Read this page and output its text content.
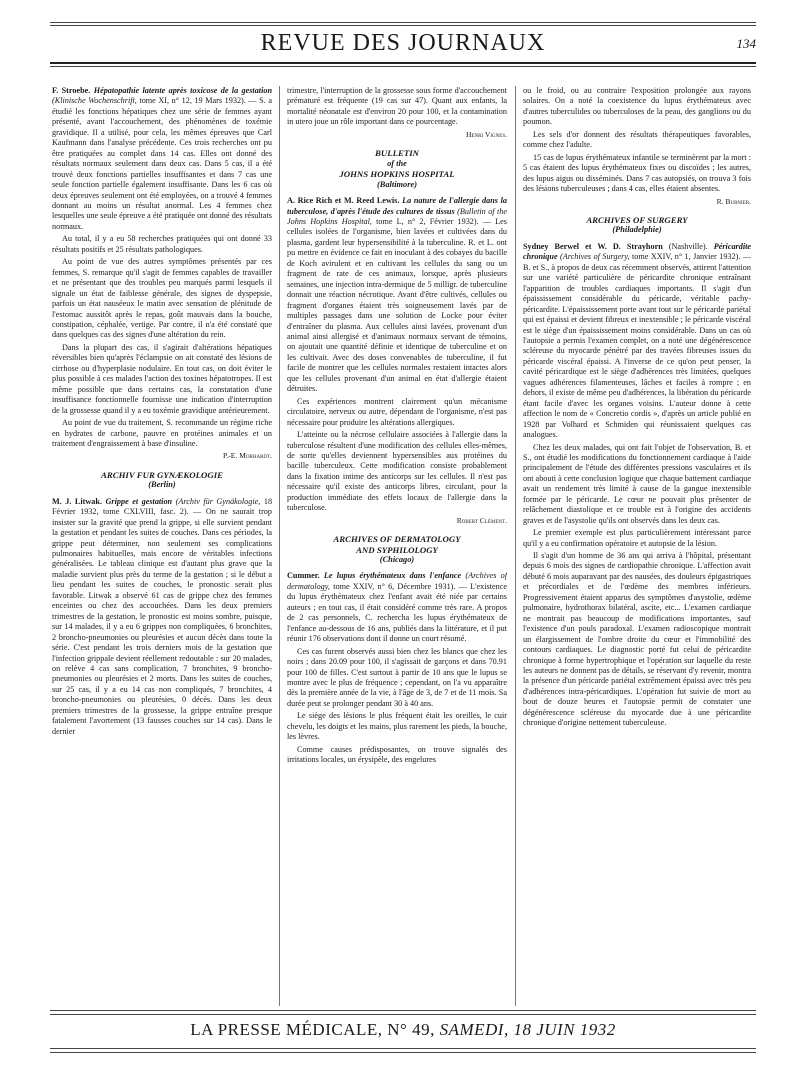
REVUE DES JOURNAUX	134

F. Stroebe. Hépatopathie latente après toxicose de la gestation (Klinische Wochenschrift, tome XI, n° 12, 19 Mars 1932). — S. a étudié les fonctions hépatiques chez une série de femmes ayant présenté, avant l'accouchement, des phénomènes de toxémie gravidique. Il a utilisé, pour cela, les mêmes épreuves que Carl Kaufmann dans l'analyse précédente. Ces trois recherches ont pu être pratiquées au complet dans 14 cas. Elles ont donné des résultats normaux seulement dans deux cas. Dans 5 cas, il a été trouvé deux fonctions partielles insuffisantes et dans 7 cas une seule fonction partielle également insuffisante. Dans les 6 cas où deux épreuves seulement ont été employées, on a trouvé 4 femmes donnant au moins un résultat anormal. Les 4 femmes chez lesquelles une seule épreuve a été pratiquée ont donné des résultats normaux.

Au total, il y a eu 58 recherches pratiquées qui ont donné 33 résultats positifs et 25 résultats pathologiques.

Au point de vue des autres symptômes présentés par ces femmes, S. remarque qu'il s'agit de femmes capables de travailler et ne présentant que des troubles peu marqués parmi lesquels il signale un état de faiblesse générale, des signes de dyspepsie, parfois un état nauséeux le matin avec sensation de plénitude de l'estomac aussitôt après le repas, goût mauvais dans la bouche, constipation, céphalée, vertige. Par contre, il n'a été constaté que dans quelques cas des signes d'une altération du rein.

Dans la plupart des cas, il s'agirait d'altérations hépatiques réversibles bien qu'après l'éclampsie on ait constaté des lésions de cirrhose ou d'hyperplasie nodulaire. En tout cas, on doit éviter le plus possible à ces malades l'action des toxines hépatotropes. Il est même possible que dans certains cas, la constatation d'une insuffisance fonctionnelle fournisse une indication d'interruption de la grossesse quand il y a eu toxémie gravidique antérieurement.

Au point de vue du traitement, S. recommande un régime riche en hydrates de carbone, pauvre en protéines animales et un traitement d'engraissement à base d'insuline.

P.-E. Morhardt.

ARCHIV FUR GYNÆKOLOGIE
(Berlin)

M. J. Litwak. Grippe et gestation (Archiv für Gynäkologie, 18 Février 1932, tome CXLVIII, fasc. 2). — On ne saurait trop insister sur la gravité que prend la grippe, si elle survient pendant la gestation et pendant les suites de couches. Dans ces périodes, la grippe peut déterminer, non seulement ses complications pulmonaires habituelles, mais encore de véritables infections généralisées. Le tableau clinique est d'autant plus grave que la maladie survient plus près du terme de la gestation ; si le début a lieu pendant les suites de couches, le pronostic serait plus favorable. Litwak a observé 61 cas de grippe chez des femmes enceintes ou chez des accouchées. Dans les deux premiers trimestres de la gestation, le pronostic est moins sombre, puisque, sur 14 malades, il y a eu 6 grippes non compliquées, 6 bronchites, 2 broncho-pneumonies ou pleurésies et aucun décès dans toute la série. C'est pendant les trois derniers mois de la gestation que l'infection grippale devient réellement redoutable : sur 20 malades, on relève 4 cas sans complication, 7 bronchites, 9 broncho-pneumonies ou pleurésies et 2 morts. Dans les suites de couches, sur 25 cas, il y a eu 14 cas non compliqués, 7 bronchites, 4 broncho-pneumonies ou pleurésies, 0 décès. Dans les deux premiers trimestres de la grossesse, la grippe entraîne presque fatalement l'avortement (13 fausses couches sur 14 cas). Dans le dernier

trimestre, l'interruption de la grossesse sous forme d'accouchement prématuré est fréquente (19 cas sur 47). Quant aux enfants, la mortalité néonatale est d'environ 20 pour 100, et la contamination in utero joue un rôle important dans ce pourcentage.

Henri Vignes.

BULLETIN
of the
JOHNS HOPKINS HOSPITAL
(Baltimore)

A. Rice Rich et M. Reed Lewis. La nature de l'allergie dans la tuberculose, d'après l'étude des cultures de tissus (Bulletin of the Johns Hopkins Hospital, tome L, n° 2, Février 1932). — Les cellules isolées de l'organisme, bien lavées et cultivées dans du plasma, gardent leur hypersensibilité à la tuberculine. R. et L. ont pu mettre en évidence ce fait en inoculant à des cobayes du bacille de Koch avirulent et en cultivant les cellules du sang ou un fragment de rate de ces animaux, lorsque, après plusieurs semaines, une injection intra-dermique de 5 milligr. de tuberculine donnait une réaction nécrotique. Avant d'être cultivés, cellules ou fragment d'organes étaient très soigneusement lavés par de multiples passages dans une solution de Locke pour éviter d'entraîner du plasma. Aux cellules ainsi lavées, provenant d'un animal ainsi allergisé et d'animaux normaux servant de témoins, on ajoutait une quantité définie et identique de tuberculine et on les cultivait. Avec des doses convenables de tuberculine, il fut facile de montrer que les cellules normales restaient intactes alors que les cellules provenant d'un animal en état d'allergie étaient détruites.

Ces expériences montrent clairement qu'un mécanisme circulatoire, nerveux ou autre, dépendant de l'organisme, n'est pas nécessaire pour produire les altérations allergiques.

L'atteinte ou la nécrose cellulaire associées à l'allergie dans la tuberculose résultent d'une modification des cellules elles-mêmes, de sorte qu'elles deviennent hypersensibles aux protéines du bacille tuberculeux. Cette modification consiste probablement dans la fixation intime des anticorps sur les cellules. Il n'est pas nécessaire qu'il existe des anticorps libres, circulant, pour la production immédiate des effets locaux de l'allergie dans la tuberculose.

Robert Clément.

ARCHIVES OF DERMATOLOGY
AND SYPHILOLOGY
(Chicago)

Cummer. Le lupus érythémateux dans l'enfance (Archives of dermatology, tome XXIV, n° 6, Décembre 1931). — L'existence du lupus érythémateux chez l'enfant avait été niée par certains auteurs ; en tout cas, il était considéré comme très rare. A propos de 2 cas personnels, C. rechercha les lupus érythémateux de l'enfance au-dessous de 16 ans, publiés dans la littérature, et il put réunir 176 observations dont il donne un court résumé.

Ces cas furent observés aussi bien chez les blancs que chez les noirs ; dans 20.09 pour 100, il s'agissait de garçons et dans 70.91 pour 100 de filles. C'est surtout à partir de 10 ans que le lupus se montre avec le plus de fréquence ; cependant, on l'a vu apparaître dès la première année de la vie, à l'âge de 3, de 7 et de 11 mois. Sa durée peut se prolonger pendant 30 à 40 ans.

Le siège des lésions le plus fréquent était les oreilles, le cuir chevelu, les doigts et les mains, plus rarement les pieds, la bouche, les lèvres.

Comme causes prédisposantes, on trouve signalés des irritations locales, un érysipèle, des engelures

ou le froid, ou au contraire l'exposition prolongée aux rayons solaires. On a noté la coexistence du lupus érythémateux avec d'autres tuberculides ou tuberculoses de la peau, des ganglions ou du poumon.

Les sels d'or donnent des résultats thérapeutiques favorables, comme chez l'adulte.

15 cas de lupus érythémateux infantile se terminèrent par la mort : 5 cas étaient des lupus érythémateux fixes ou discoïdes ; les autres, des lupus aigus ou disséminés. Dans 7 cas autopsiés, on trouva 3 fois des lésions tuberculeuses ; dans 4 cas, elles étaient absentes.

R. Burnier.

ARCHIVES OF SURGERY
(Philadelphie)

Sydney Berwel et W. D. Strayhorn (Nashville). Péricardite chronique (Archives of Surgery, tome XXIV, n° 1, Janvier 1932). — B. et S., à propos de deux cas récemment observés, attirent l'attention sur une variété particulière de péricardite chronique entraînant l'apparition de troubles cardiaques importants. Il s'agit d'un épaississement considérable du péricarde, véritable pachy-péricardite. L'épaississement porte avant tout sur le péricarde pariétal qui est épaissi et devient fibreux et inextensible ; le péricarde viscéral est le siège d'un épaississement moins considérable. Dans un cas où l'autopsie a permis l'examen complet, on a noté une dégénérescence scléreuse du myocarde pénétré par des travées fibreuses issues du péricarde viscéral épaissi. A l'inverse de ce qu'on peut penser, la cavité péricardique est le siège d'adhérences très limitées, quelques vagues adhérences filamenteuses, lâches et faciles à rompre ; en dehors, il existe de même peu d'adhérences, la libération du péricarde étant facile d'avec les organes voisins. L'auteur donne à cette affection le nom de « Concretio cordis », d'après un article publié en 1928 par Volhard et Schmiden qui réunissaient quelques cas analogues.

Chez les deux malades, qui ont fait l'objet de l'observation, B. et S., ont étudié les modifications du fonctionnement cardiaque à l'aide principalement de l'étude des différentes pressions vasculaires et ils ont abouti à cette conclusion logique que chaque battement cardiaque avait un rendement très limité à cause de la gangue inextensible formée par le péricarde. Le cœur ne pouvait plus présenter de relâchement diastolique et ce trouble est à l'origine des accidents graves et de l'asystolie qu'ils ont observés dans les deux cas.

Le premier exemple est plus particulièrement intéressant parce qu'il y a eu confirmation opératoire et autopsie de la lésion.

Il s'agit d'un homme de 36 ans qui arriva à l'hôpital, présentant depuis 6 mois des signes de cardiopathie chronique. L'affection avait débuté 6 mois auparavant par des nausées, des douleurs épigastriques et précordiales et de l'œdème des membres inférieurs. Progressivement étaient apparus des symptômes d'asystolie, œdème pulmonaire, hydrothorax bilatéral, ascite, etc... L'examen cardiaque ne montrait pas beaucoup de modifications importantes, sauf l'existence d'un pouls paradoxal. L'examen radioscopique montrait un élargissement de l'ombre droite du cœur et l'immobilité des contours cardiaques. Le diagnostic porté fut celui de péricardite chronique à forme hypertrophique et l'opération sur laquelle du reste les auteurs ne donnent pas de détails, se réservant d'y revenir, montra la présence d'un péricarde pariétal extrêmement épaissi avec très peu d'adhérences intra-péricardiques. L'opération fut suivie de mort au bout de douze heures et l'autopsie permit de constater une dégénérescence scléreuse du myocarde due à une péricardite chronique d'origine nettement tuberculeuse.

LA PRESSE MÉDICALE, N° 49, SAMEDI, 18 JUIN 1932
